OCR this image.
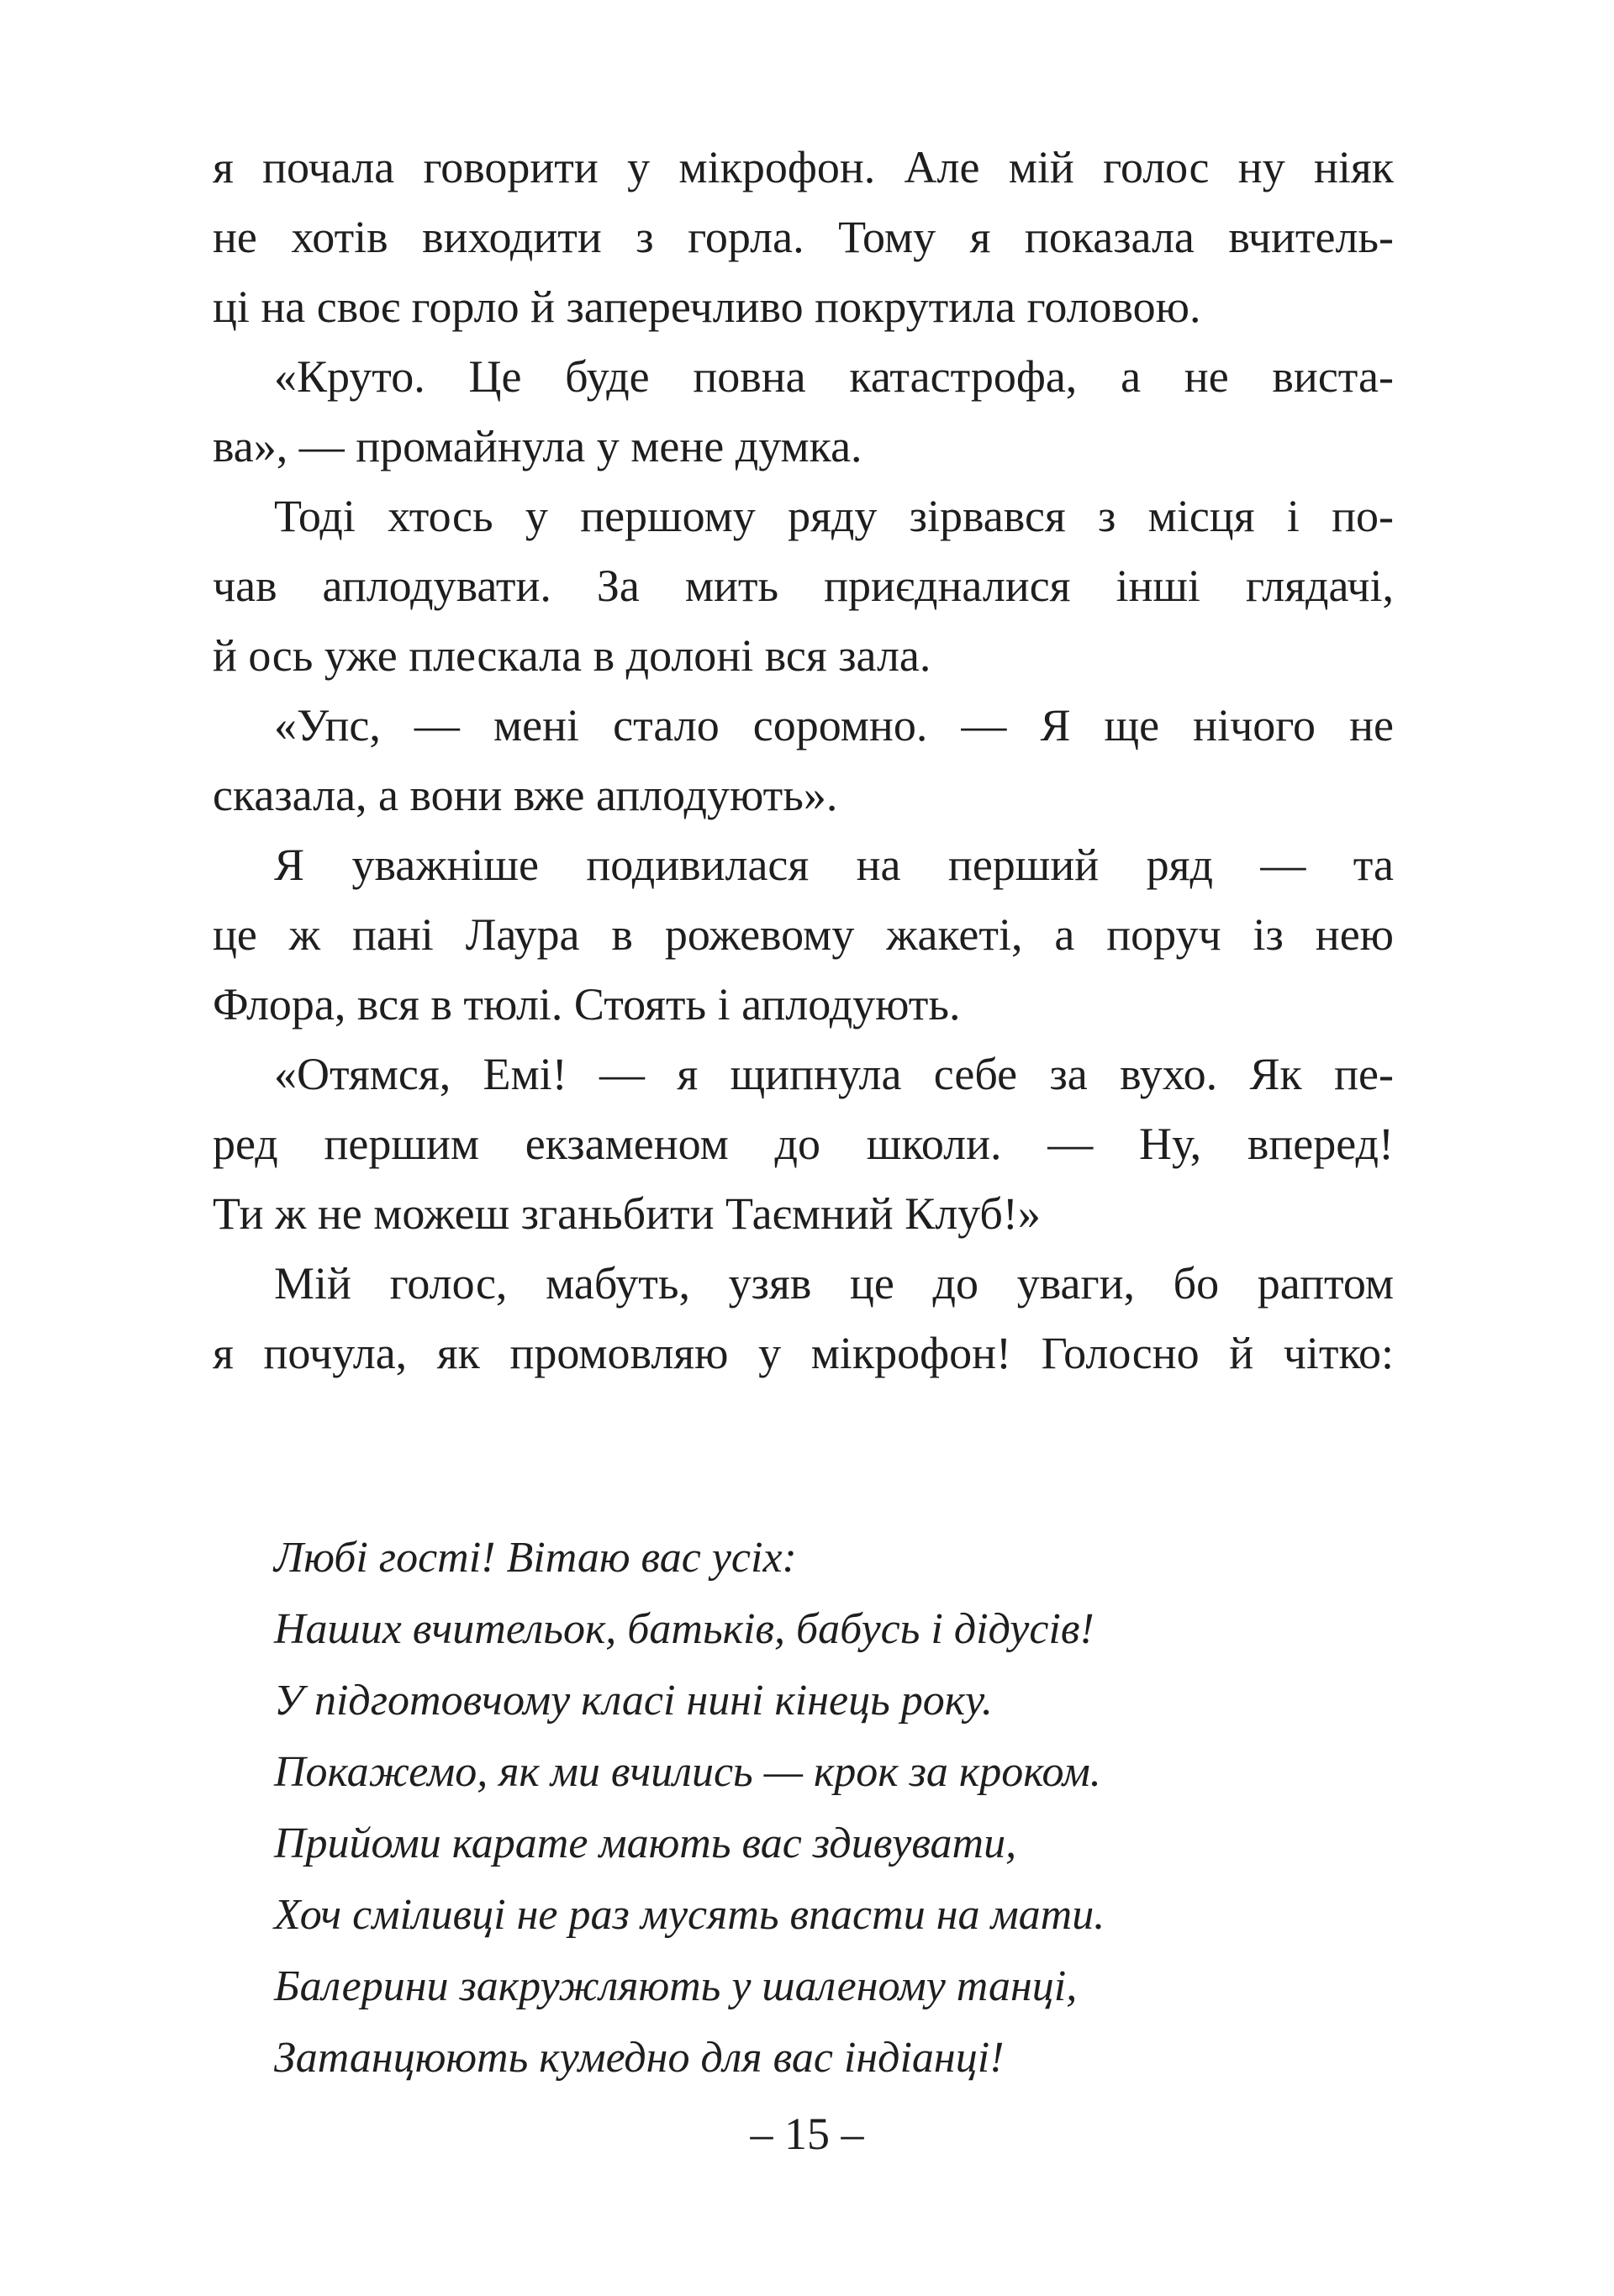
я почала говорити у мікрофон. Але мій голос ну ніяк
не хотів виходити з горла. Тому я показала вчитель-
ці на своє горло й заперечливо покрутила головою.
«Круто. Це буде повна катастрофа, а не виста-
ва», — промайнула у мене думка.
Тоді хтось у першому ряду зірвався з місця і по-
чав аплодувати. За мить приєдналися інші глядачі,
й ось уже плескала в долоні вся зала.
«Упс, — мені стало соромно. — Я ще нічого не
сказала, а вони вже аплодують».
Я уважніше подивилася на перший ряд — та
це ж пані Лаура в рожевому жакеті, а поруч із нею
Флора, вся в тюлі. Стоять і аплодують.
«Отямся, Емі! — я щипнула себе за вухо. Як пе-
ред першим екзаменом до школи. — Ну, вперед!
Ти ж не можеш зганьбити Таємний Клуб!»
Мій голос, мабуть, узяв це до уваги, бо раптом
я почула, як промовляю у мікрофон! Голосно й чітко:
Любі гості! Вітаю вас усіх:
Наших вчительок, батьків, бабусь і дідусів!
У підготовчому класі нині кінець року.
Покажемо, як ми вчились — крок за кроком.
Прийоми карате мають вас здивувати,
Хоч сміливці не раз мусять впасти на мати.
Балерини закружляють у шаленому танці,
Затанцюють кумедно для вас індіанці!
– 15 –
